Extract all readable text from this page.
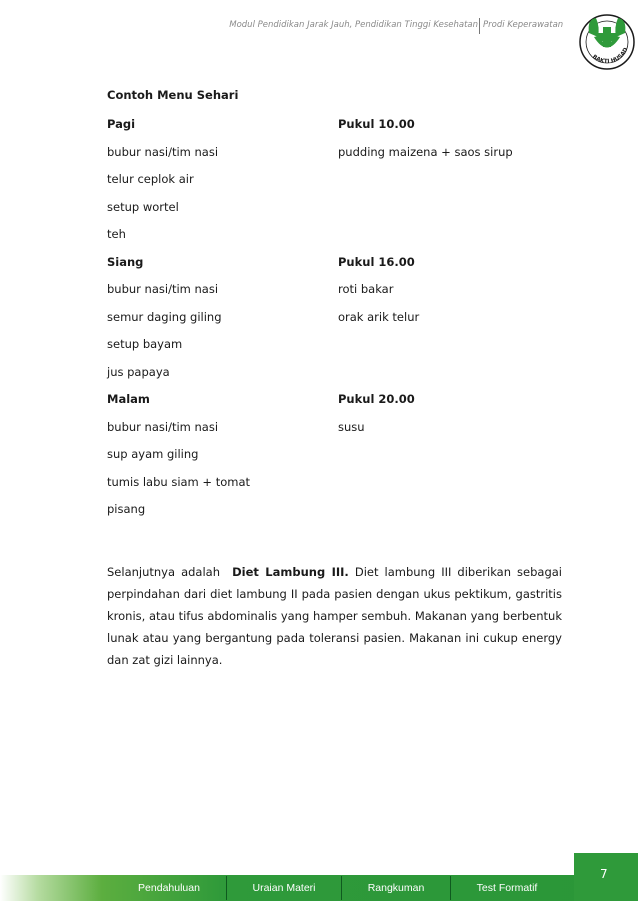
Modul Pendidikan Jarak Jauh, Pendidikan Tinggi Kesehatan Prodi Keperawatan
BAKTI HUSAD
Contoh Menu Sehari
Pagi	Pukul 10.00
bubur nasi/tim nasi	pudding maizena + saos sirup
telur ceplok air
setup wortel
teh
Siang	Pukul 16.00
bubur nasi/tim nasi	roti bakar
semur daging giling	orak arik telur
setup bayam
jus papaya
Malam	Pukul 20.00
bubur nasi/tim nasi	susu
sup ayam giling
tumis labu siam + tomat
pisang

Selanjutnya adalah  Diet Lambung III. Diet lambung III diberikan sebagai perpindahan dari diet lambung II pada pasien dengan ukus pektikum, gastritis kronis, atau tifus abdominalis yang hamper sembuh. Makanan yang berbentuk lunak atau yang bergantung pada toleransi pasien. Makanan ini cukup energy dan zat gizi lainnya.

Pendahuluan	Uraian Materi	Rangkuman	Test Formatif
7
